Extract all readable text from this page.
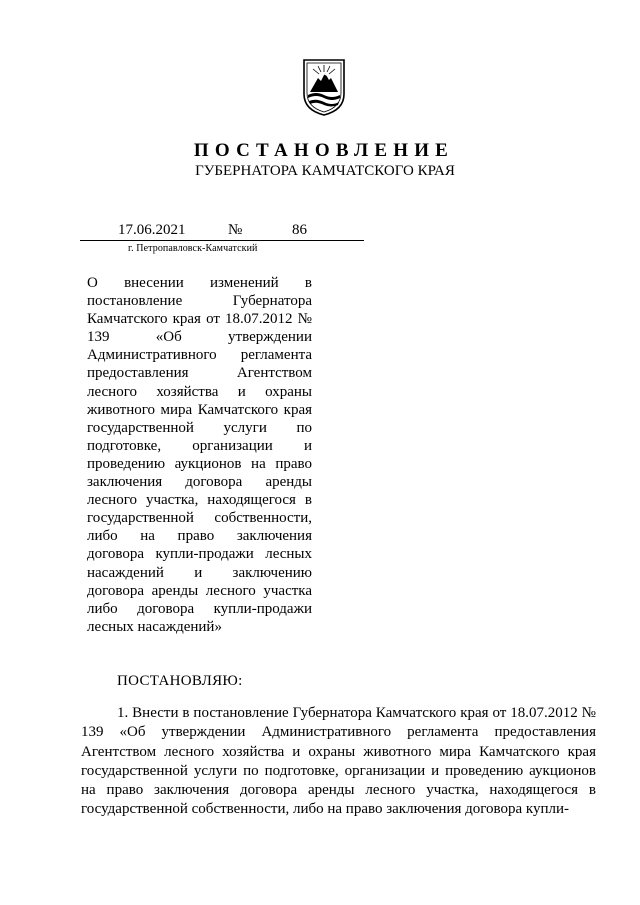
ПОСТАНОВЛЕНИЕ
ГУБЕРНАТОРА КАМЧАТСКОГО КРАЯ
17.06.2021	№	86
г. Петропавловск-Камчатский

О внесении изменений в постановление Губернатора Камчатского края от 18.07.2012 № 139 «Об утверждении Административного регламента предоставления Агентством лесного хозяйства и охраны животного мира Камчатского края государственной услуги по подготовке, организации и проведению аукционов на право заключения договора аренды лесного участка, находящегося в государственной собственности, либо на право заключения договора купли-продажи лесных насаждений и заключению договора аренды лесного участка либо договора купли-продажи лесных насаждений»

ПОСТАНОВЛЯЮ:

1. Внести в постановление Губернатора Камчатского края от 18.07.2012 № 139 «Об утверждении Административного регламента предоставления Агентством лесного хозяйства и охраны животного мира Камчатского края государственной услуги по подготовке, организации и проведению аукционов на право заключения договора аренды лесного участка, находящегося в государственной собственности, либо на право заключения договора купли-
